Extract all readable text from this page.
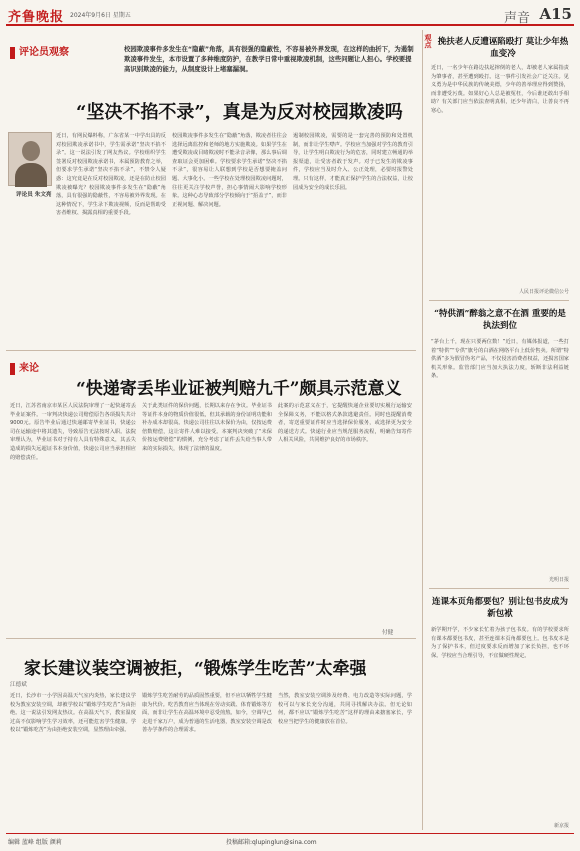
齐鲁晚报 2024年9月6日 星期五	声音 A15
评论员观察	校园欺凌事件多发生在“隐蔽”角落，具有很强的隐蔽性，不容易被外界发现，在这样的曲折下，为遏制欺凌事件发生，本市设置了多种维度防护，在教学日常中重视欺凌机制，这些问题让人担心。学校要提高识别欺凌的能力，从制度设计上堵塞漏洞。
“坚决不掐不录”，真是为反对校园欺凌吗
评论员 朱文亮
近日，有网民爆料称，广东省某一中学出具的反对校园欺凌承诺书中，学生需承诺“坚决不掐不录”。这一说法引发了网友热议。学校组织学生签署反对校园欺凌承诺书，本属预防教育之举，但要求学生承诺“坚决不掐不录”，不禁令人疑惑：这究竟是在反对校园欺凌，还是在防止校园欺凌被曝光？校园欺凌事件多发生在“隐蔽”角落，具有很强的隐蔽性，不容易被外界发现。在这种情况下，学生录下欺凌视频，反而是帮助受害者维权、揭露真相的重要手段。
校园欺凌事件多发生在“隐蔽”角落，欺凌者往往会选择远离监控和老师的地方实施欺凌。如果学生在遭受欺凌或目睹欺凌时不能录音录像，那么事后调查取证会更加困难。学校要求学生承诺“坚决不掐不录”，很容易让人联想到学校是否想要掩盖问题、大事化小。一些学校在处理校园欺凌问题时，往往更关注学校声誉，担心事情闹大影响学校形象。这种心态导致部分学校倾向于“捂盖子”，而非正视问题、解决问题。
遏制校园欺凌，需要的是一套完善的预防和处置机制，而非让学生噤声。学校应当加强对学生的教育引导，让学生明白欺凌行为的危害，同时建立畅通的举报渠道，让受害者敢于发声。对于已发生的欺凌事件，学校应当及时介入、公正处理，必要时报警处理。只有这样，才能真正保护学生的合法权益，让校园成为安全的成长乐园。
来论
“快递寄丢毕业证被判赔九千”颇具示范意义
近日，江苏省南京市某区人民法院审理了一起快递寄丢毕业证案件。一审判决快递公司赔偿原告各项损失共计9000元。原告毕业后通过快递邮寄毕业证书，快递公司在运输途中将其遗失，导致原告无法按时入职。法院审理认为，毕业证书对于持有人具有特殊意义，其丢失造成的损失远超证书本身价值，快递公司应当承担相应的赔偿责任。
关于此类证件的保价问题，长期以来存在争议。毕业证书等证件本身的物质价值很低，但其承载的身份证明功能和补办成本却很高。快递公司往往以未保价为由，仅按运费倍数赔偿，这让寄件人难以接受。本案判决突破了“未保价按运费赔偿”的惯例，充分考虑了证件丢失给当事人带来的实际损失，体现了法律的温度。
此案的示范意义在于，它提醒快递企业要切实履行运输安全保障义务，不能以格式条款逃避责任。同时也提醒消费者，寄送重要证件时应当选择保价服务，或选择更为安全的递送方式。快递行业应当规范服务流程，明确告知寄件人相关风险，共同维护良好的市场秩序。
付健
家长建议装空调被拒，“锻炼学生吃苦”太牵强
江德斌
近日，长沙市一小学因高温天气室内炎热，家长建议学校为教室安装空调，却被学校以“锻炼学生吃苦”为由拒绝。这一说法引发网友热议。在高温天气下，教室温度过高不仅影响学生学习效率，还可能危害学生健康。学校以“锻炼吃苦”为由拒绝安装空调，显然理由牵强。
锻炼学生吃苦耐劳的品质固然重要，但不应以牺牲学生健康为代价。吃苦教育应当体现在劳动实践、体育锻炼等方面，而非让学生在高温环境中忍受煎熬。如今，空调早已走进千家万户，成为普通的生活电器，教室安装空调是改善办学条件的合理需求。
当然，教室安装空调涉及经费、电力改造等实际问题，学校可以与家长充分沟通，共同寻找解决办法。但无论如何，都不应以“锻炼学生吃苦”这样的理由来搪塞家长，学校应当把学生的健康放在首位。
观点 挽扶老人反遭诬陷殴打 莫让少年热血变冷
近日，一名少年在路边扶起摔倒的老人，却被老人家属指责为肇事者，甚至遭到殴打。这一事件引发社会广泛关注。见义勇为是中华民族的传统美德，少年的善举理应得到赞扬，而非遭受污蔑。如果好心人总是被冤枉，今后谁还敢出手相助？有关部门应当依法查明真相，还少年清白，让善良不再寒心。
人民日报评论微信公号
“特供酒”醉翁之意不在酒 重要的是执法到位
“茅台上千，现在只要两位数！”近日，有媒体报道，一些打着“特供”“专供”旗号的白酒在网络平台上低价售卖。所谓“特供酒”多为假冒伪劣产品，不仅侵害消费者权益，还损害国家机关形象。监管部门应当加大执法力度，斩断非法利益链条。
光明日报
连课本页角都要包？别让包书皮成为新包袱
新学期开学，不少家长忙着为孩子包书皮。有的学校要求所有课本都要包书皮，甚至连课本页角都要包上。包书皮本是为了保护书本，但过度要求反而增加了家长负担，也不环保。学校应当合理引导，不宜做硬性规定。
新京报
编辑 蓝峰 组版 颜莉	投稿邮箱:qlupinglun@sina.com
